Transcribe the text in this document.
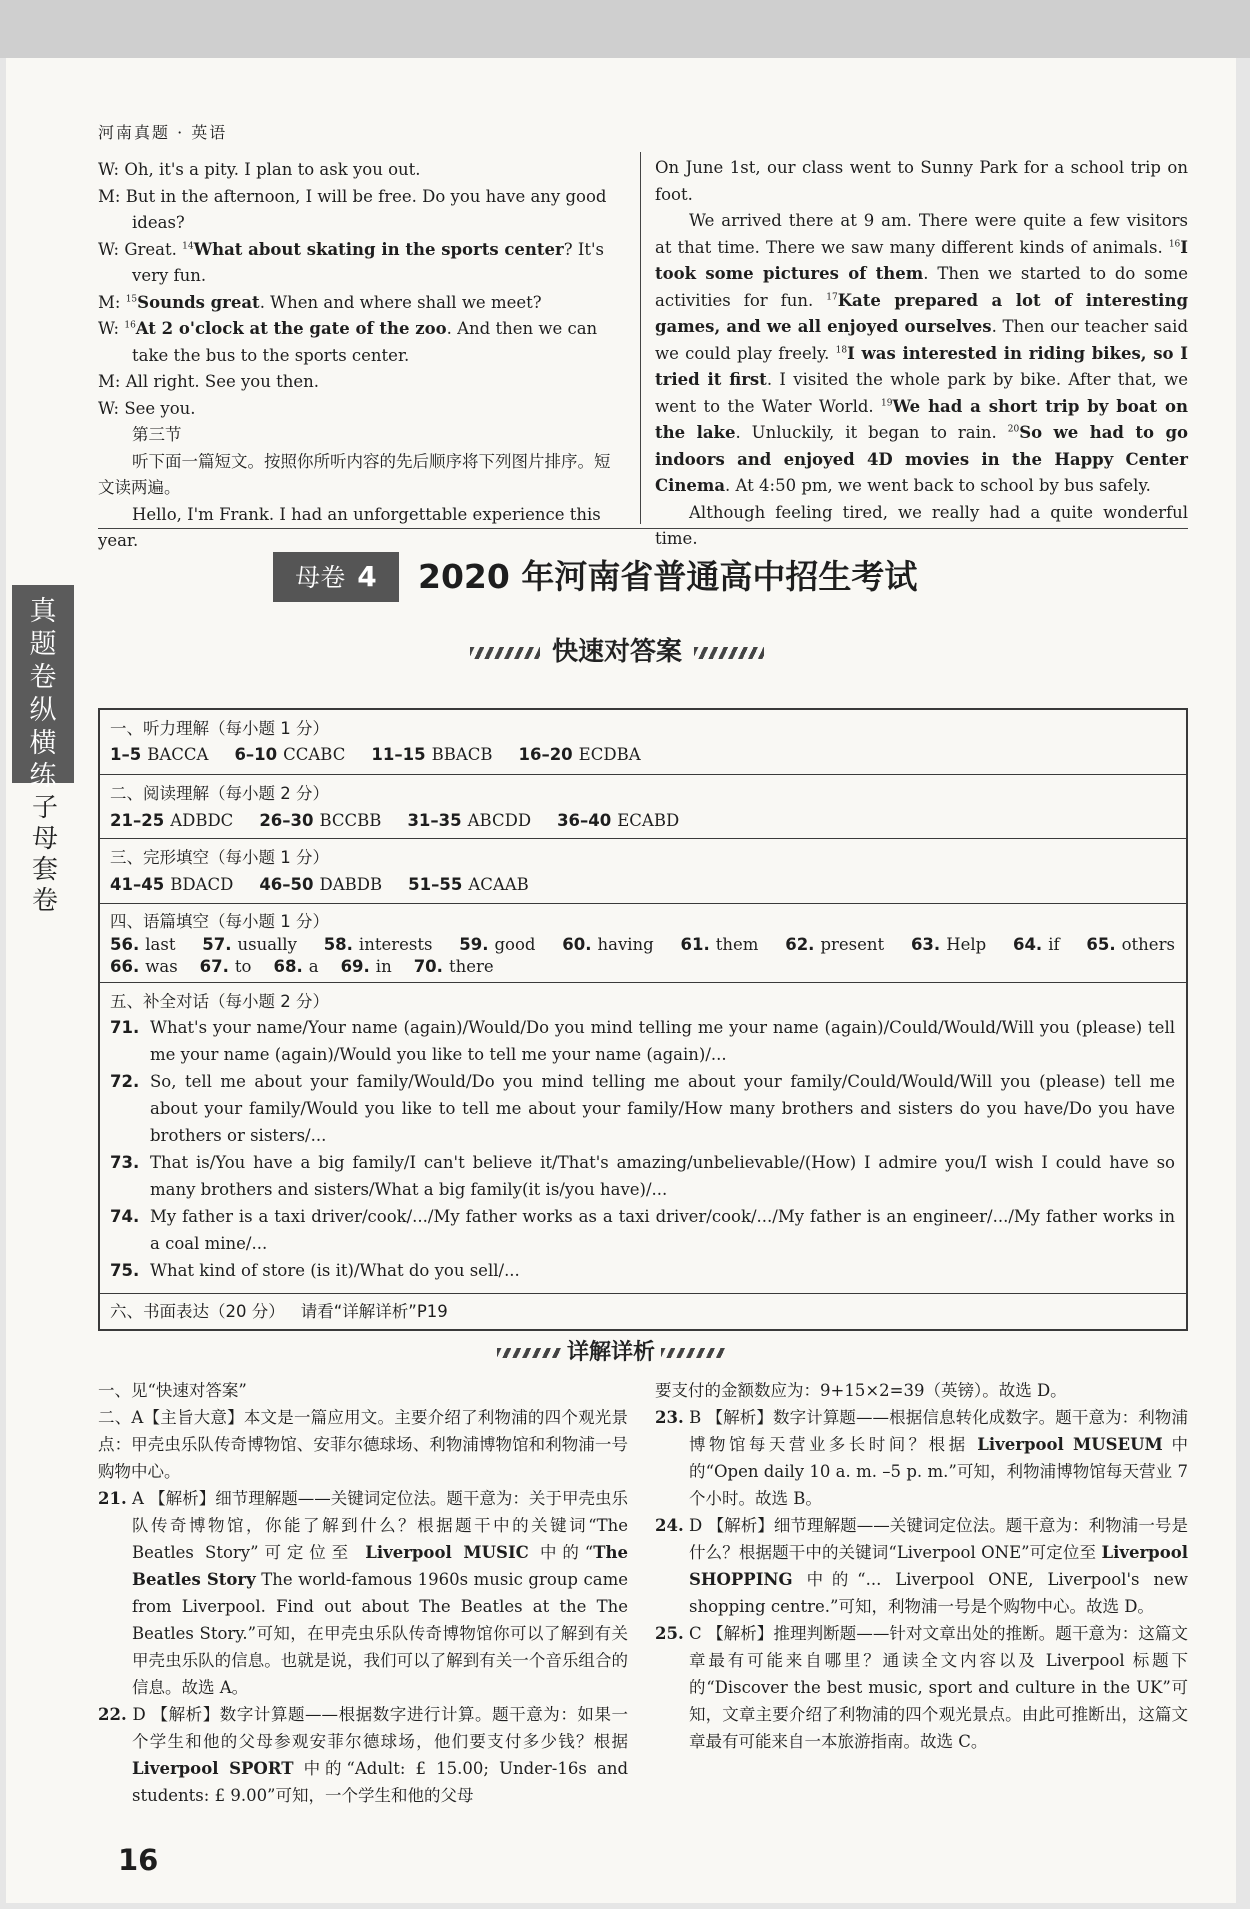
河南真题 · 英语

W: Oh, it's a pity. I plan to ask you out.

M: But in the afternoon, I will be free. Do you have any good ideas?

W: Great. $^{14}$What about skating in the sports center? It's very fun.

M: $^{15}$Sounds great. When and where shall we meet?

W: $^{16}$At 2 o'clock at the gate of the zoo. And then we can take the bus to the sports center.

M: All right. See you then.

W: See you.

第三节

听下面一篇短文。按照你所听内容的先后顺序将下列图片排序。短文读两遍。

Hello, I'm Frank. I had an unforgettable experience this year.

On June 1st, our class went to Sunny Park for a school trip on foot.

We arrived there at 9 am. There were quite a few visitors at that time. There we saw many different kinds of animals. $^{16}$I took some pictures of them. Then we started to do some activities for fun. $^{17}$Kate prepared a lot of interesting games, and we all enjoyed ourselves. Then our teacher said we could play freely. $^{18}$I was interested in riding bikes, so I tried it first. I visited the whole park by bike. After that, we went to the Water World. $^{19}$We had a short trip by boat on the lake. Unluckily, it began to rain. $^{20}$So we had to go indoors and enjoyed 4D movies in the Happy Center Cinema. At 4:50 pm, we went back to school by bus safely.

Although feeling tired, we really had a quite wonderful time.

真题卷纵横练
子母套卷
母卷 4	2020 年河南省普通高中招生考试
快速对答案
一、听力理解（每小题 1 分）
1–5 BACCA 6–10 CCABC 11–15 BBACB 16–20 ECDBA
二、阅读理解（每小题 2 分）
21–25 ADBDC 26–30 BCCBB 31–35 ABCDD 36–40 ECABD
三、完形填空（每小题 1 分）
41–45 BDACD 46–50 DABDB 51–55 ACAAB
四、语篇填空（每小题 1 分）
56. last 57. usually 58. interests 59. good 60. having 61. them 62. present 63. Help 64. if 65. others
66. was 67. to 68. a 69. in 70. there
五、补全对话（每小题 2 分）

71. What's your name/Your name (again)/Would/Do you mind telling me your name (again)/Could/Would/Will you (please) tell me your name (again)/Would you like to tell me your name (again)/...

72. So, tell me about your family/Would/Do you mind telling me about your family/Could/Would/Will you (please) tell me about your family/Would you like to tell me about your family/How many brothers and sisters do you have/Do you have brothers or sisters/...

73. That is/You have a big family/I can't believe it/That's amazing/unbelievable/(How) I admire you/I wish I could have so many brothers and sisters/What a big family(it is/you have)/...

74. My father is a taxi driver/cook/.../My father works as a taxi driver/cook/.../My father is an engineer/.../My father works in a coal mine/...

75. What kind of store (is it)/What do you sell/...

六、书面表达（20 分） 请看“详解详析”P19
详解详析

一、见“快速对答案”

二、A【主旨大意】本文是一篇应用文。主要介绍了利物浦的四个观光景点：甲壳虫乐队传奇博物馆、安菲尔德球场、利物浦博物馆和利物浦一号购物中心。

21. A 【解析】细节理解题——关键词定位法。题干意为：关于甲壳虫乐队传奇博物馆，你能了解到什么？根据题干中的关键词“The Beatles Story”可定位至 Liverpool MUSIC 中的“The Beatles Story The world-famous 1960s music group came from Liverpool. Find out about The Beatles at the The Beatles Story.”可知，在甲壳虫乐队传奇博物馆你可以了解到有关甲壳虫乐队的信息。也就是说，我们可以了解到有关一个音乐组合的信息。故选 A。

22. D 【解析】数字计算题——根据数字进行计算。题干意为：如果一个学生和他的父母参观安菲尔德球场，他们要支付多少钱？根据 Liverpool SPORT 中的“Adult: £ 15.00; Under-16s and students: £ 9.00”可知，一个学生和他的父母

要支付的金额数应为：9+15×2=39（英镑）。故选 D。

23. B 【解析】数字计算题——根据信息转化成数字。题干意为：利物浦博物馆每天营业多长时间？根据 Liverpool MUSEUM 中的“Open daily 10 a. m. –5 p. m.”可知，利物浦博物馆每天营业 7 个小时。故选 B。

24. D 【解析】细节理解题——关键词定位法。题干意为：利物浦一号是什么？根据题干中的关键词“Liverpool ONE”可定位至 Liverpool SHOPPING 中的“... Liverpool ONE, Liverpool's new shopping centre.”可知，利物浦一号是个购物中心。故选 D。

25. C 【解析】推理判断题——针对文章出处的推断。题干意为：这篇文章最有可能来自哪里？通读全文内容以及 Liverpool 标题下的“Discover the best music, sport and culture in the UK”可知，文章主要介绍了利物浦的四个观光景点。由此可推断出，这篇文章最有可能来自一本旅游指南。故选 C。

16
